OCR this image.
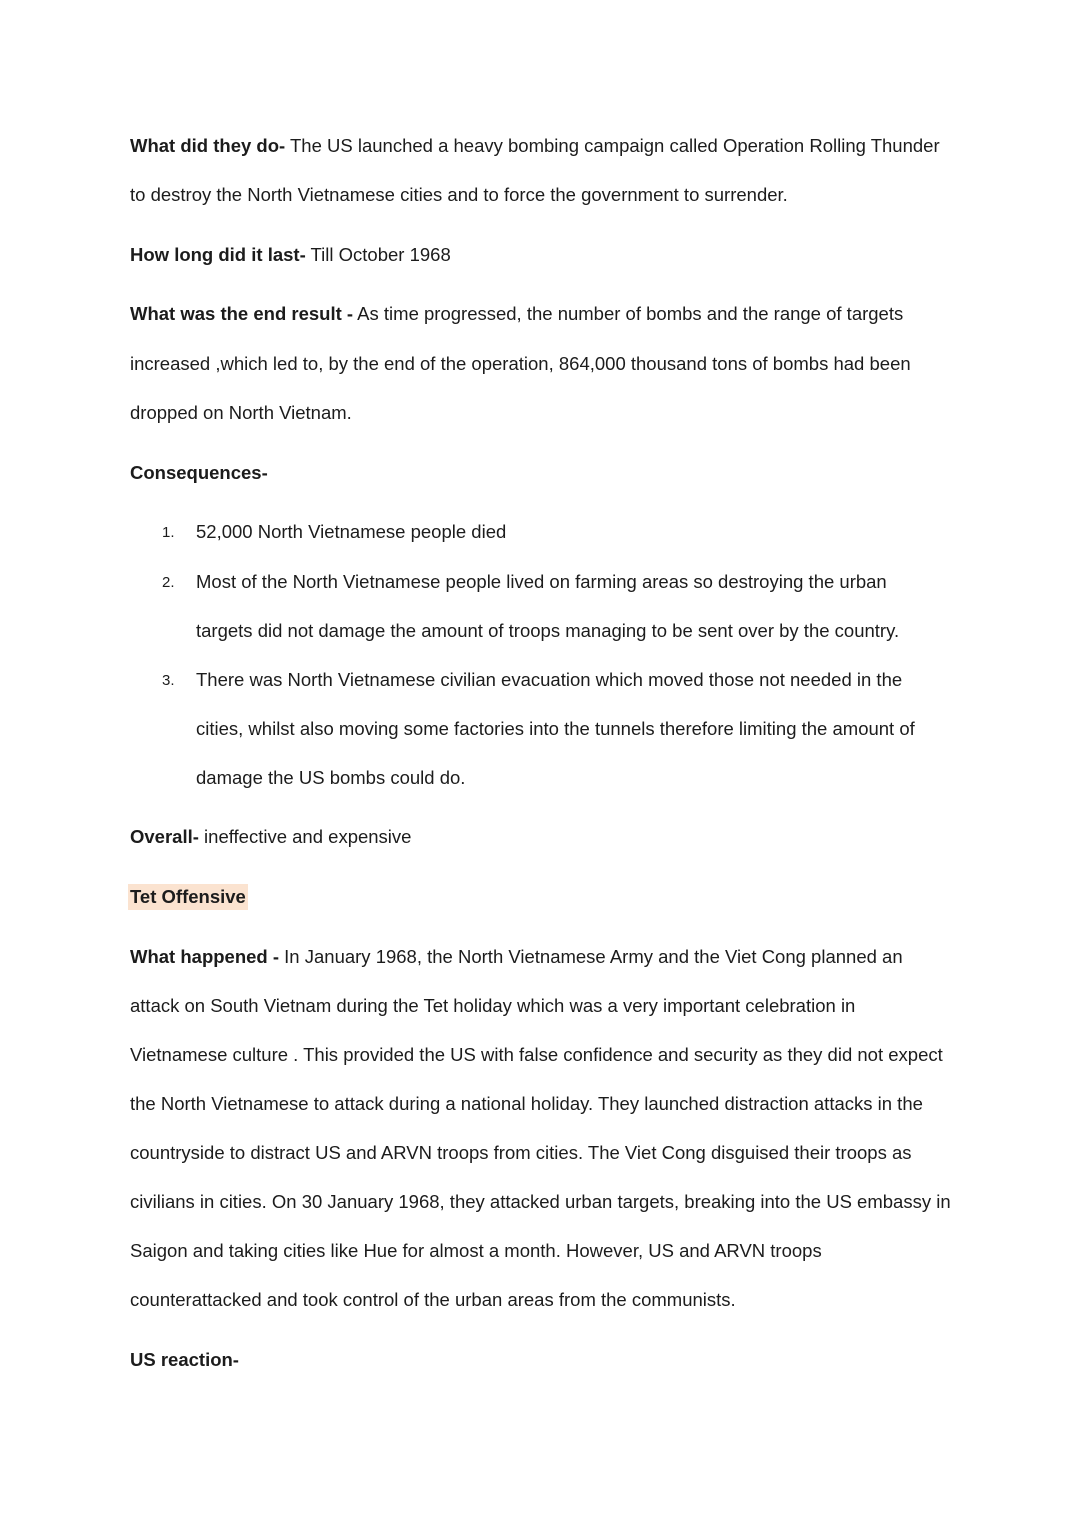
What did they do- The US launched a heavy bombing campaign called Operation Rolling Thunder
to destroy the North Vietnamese cities and to force the government to surrender.
How long did it last- Till October 1968
What was the end result - As time progressed, the number of bombs and the range of targets
increased ,which led to, by the end of the operation, 864,000 thousand tons of bombs had been
dropped on North Vietnam.
Consequences-
1. 52,000 North Vietnamese people died
2. Most of the North Vietnamese people lived on farming areas so destroying the urban
targets did not damage the amount of troops managing to be sent over by the country.
3. There was North Vietnamese civilian evacuation which moved those not needed in the
cities, whilst also moving some factories into the tunnels therefore limiting the amount of
damage the US bombs could do.
Overall- ineffective and expensive
Tet Offensive
What happened - In January 1968, the North Vietnamese Army and the Viet Cong planned an
attack on South Vietnam during the Tet holiday which was a very important celebration in
Vietnamese culture . This provided the US with false confidence and security as they did not expect
the North Vietnamese to attack during a national holiday. They launched distraction attacks in the
countryside to distract US and ARVN troops from cities. The Viet Cong disguised their troops as
civilians in cities. On 30 January 1968, they attacked urban targets, breaking into the US embassy in
Saigon and taking cities like Hue for almost a month. However, US and ARVN troops
counterattacked and took control of the urban areas from the communists.
US reaction-
